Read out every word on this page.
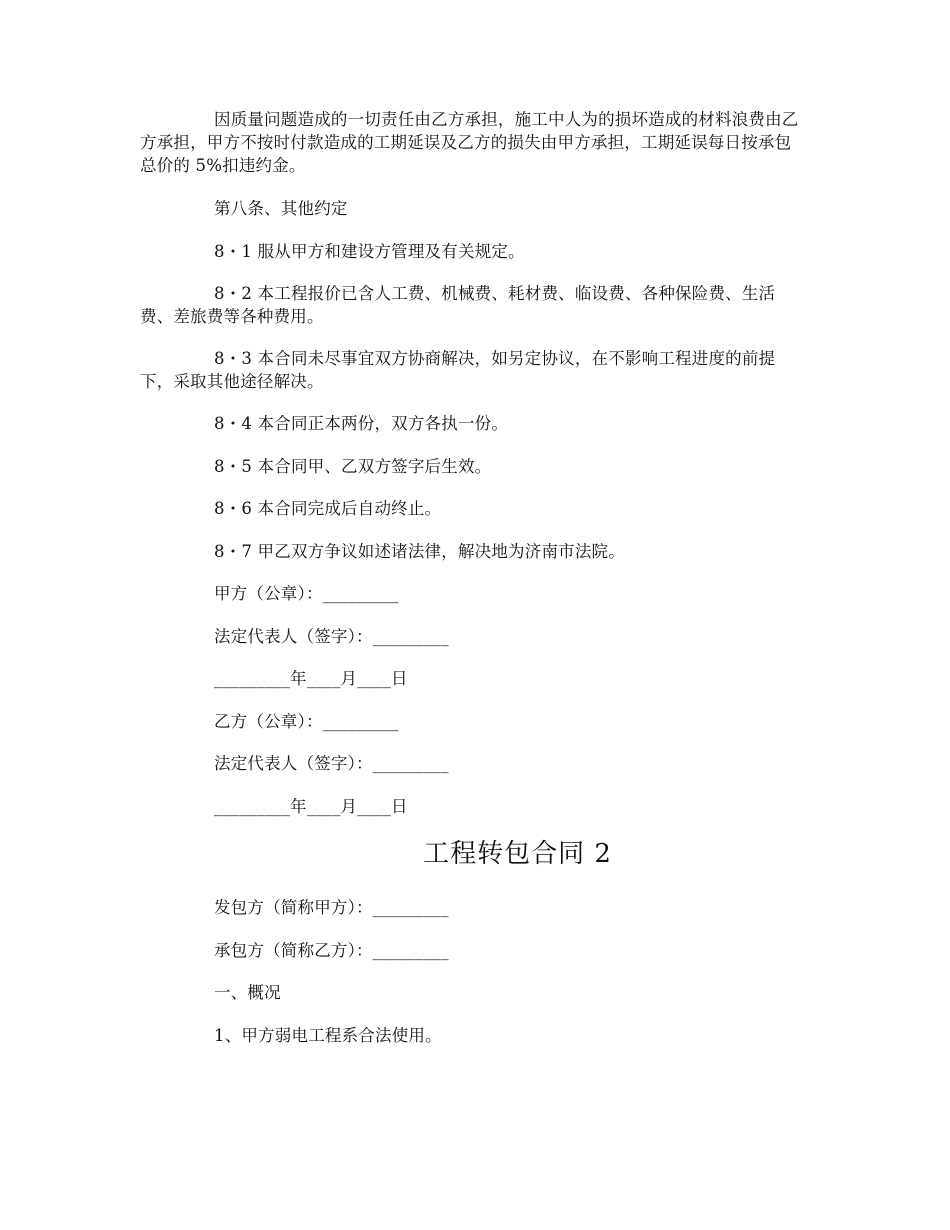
因质量问题造成的一切责任由乙方承担，施工中人为的损坏造成的材料浪费由乙方承担，甲方不按时付款造成的工期延误及乙方的损失由甲方承担，工期延误每日按承包总价的 5%扣违约金。

第八条、其他约定
8・1 服从甲方和建设方管理及有关规定。

8・2 本工程报价已含人工费、机械费、耗材费、临设费、各种保险费、生活费、差旅费等各种费用。

8・3 本合同未尽事宜双方协商解决，如另定协议，在不影响工程进度的前提下，采取其他途径解决。

8・4 本合同正本两份，双方各执一份。
8・5 本合同甲、乙双方签字后生效。
8・6 本合同完成后自动终止。
8・7 甲乙双方争议如述诸法律，解决地为济南市法院。
甲方（公章）：_________
法定代表人（签字）：_________
_________年____月____日
乙方（公章）：_________
法定代表人（签字）：_________
_________年____月____日
工程转包合同 2
发包方（简称甲方）：_________
承包方（简称乙方）：_________
一、概况
1、甲方弱电工程系合法使用。
